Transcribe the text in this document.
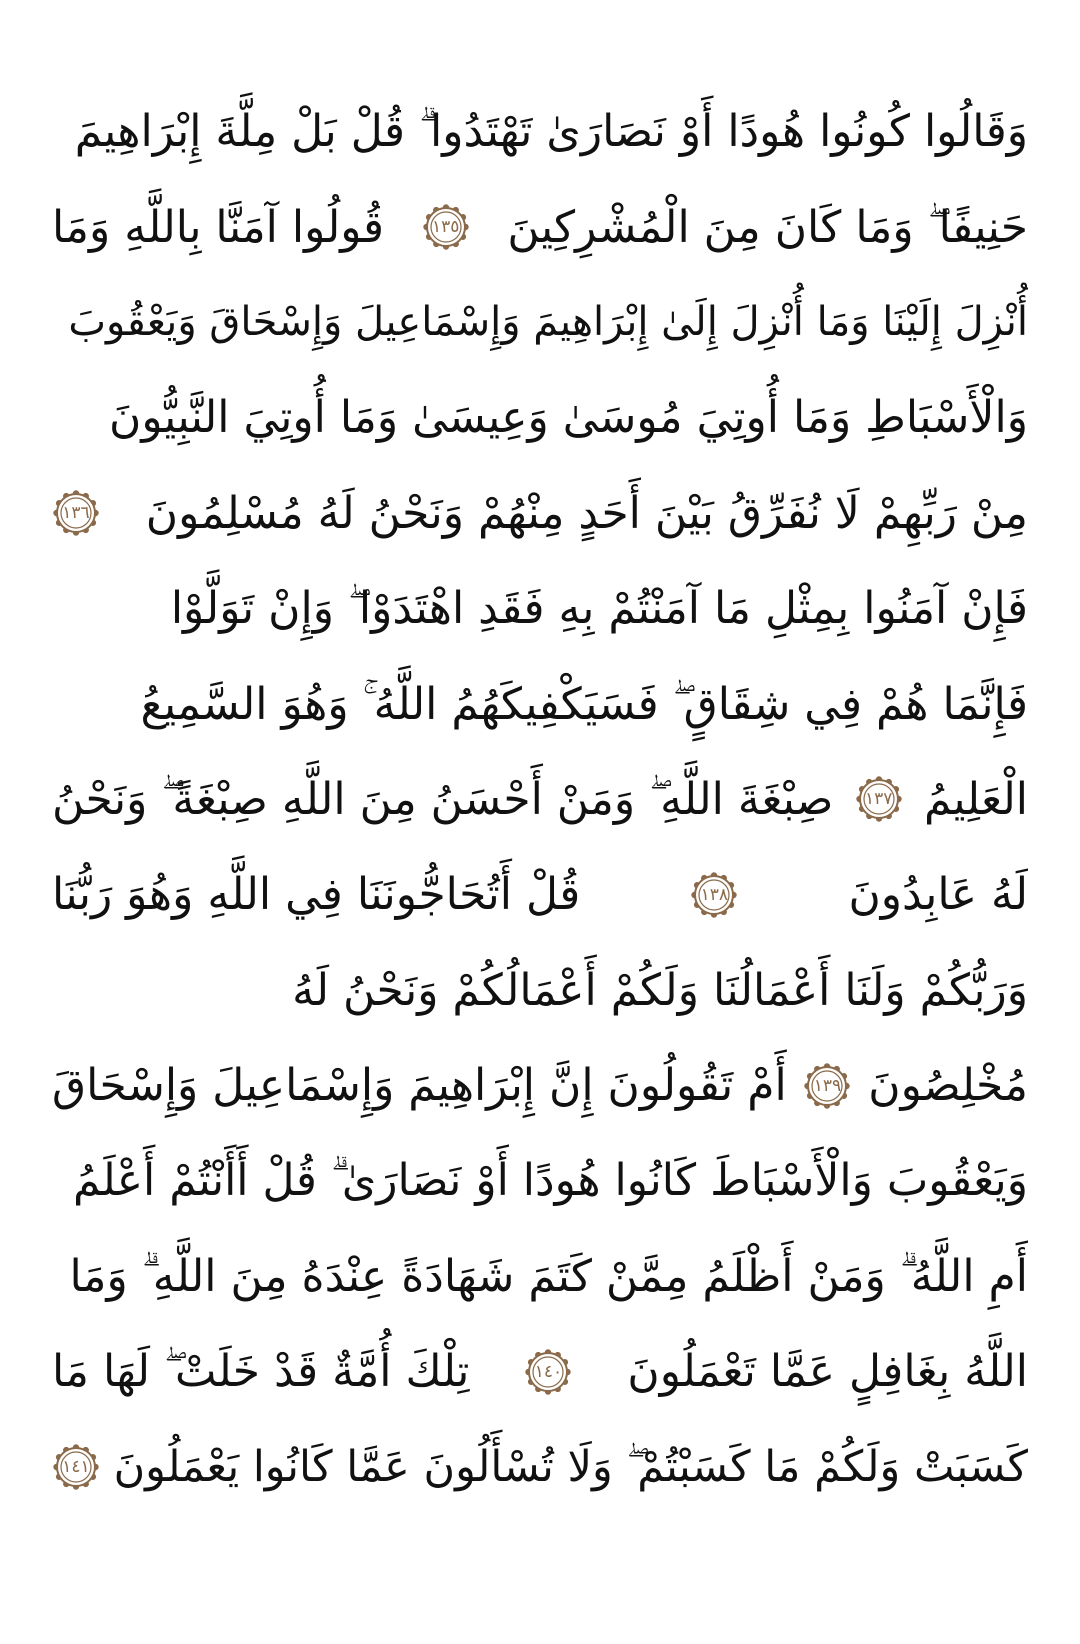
وَقَالُوا كُونُوا هُودًا أَوْ نَصَارَىٰ تَهْتَدُوا ۗ قُلْ بَلْ مِلَّةَ إِبْرَاهِيمَ
حَنِيفًا ۖ وَمَا كَانَ مِنَ الْمُشْرِكِينَ
١٣٥
قُولُوا آمَنَّا بِاللَّهِ وَمَا
أُنْزِلَ إِلَيْنَا وَمَا أُنْزِلَ إِلَىٰ إِبْرَاهِيمَ وَإِسْمَاعِيلَ وَإِسْحَاقَ وَيَعْقُوبَ
وَالْأَسْبَاطِ وَمَا أُوتِيَ مُوسَىٰ وَعِيسَىٰ وَمَا أُوتِيَ النَّبِيُّونَ
مِنْ رَبِّهِمْ لَا نُفَرِّقُ بَيْنَ أَحَدٍ مِنْهُمْ وَنَحْنُ لَهُ مُسْلِمُونَ
١٣٦
فَإِنْ آمَنُوا بِمِثْلِ مَا آمَنْتُمْ بِهِ فَقَدِ اهْتَدَوْا ۖ وَإِنْ تَوَلَّوْا
فَإِنَّمَا هُمْ فِي شِقَاقٍ ۖ فَسَيَكْفِيكَهُمُ اللَّهُ ۚ وَهُوَ السَّمِيعُ
الْعَلِيمُ
١٣٧
صِبْغَةَ اللَّهِ ۖ وَمَنْ أَحْسَنُ مِنَ اللَّهِ صِبْغَةً ۖ وَنَحْنُ
لَهُ عَابِدُونَ
١٣٨
قُلْ أَتُحَاجُّونَنَا فِي اللَّهِ وَهُوَ رَبُّنَا
وَرَبُّكُمْ وَلَنَا أَعْمَالُنَا وَلَكُمْ أَعْمَالُكُمْ وَنَحْنُ لَهُ
مُخْلِصُونَ
١٣٩
أَمْ تَقُولُونَ إِنَّ إِبْرَاهِيمَ وَإِسْمَاعِيلَ وَإِسْحَاقَ
وَيَعْقُوبَ وَالْأَسْبَاطَ كَانُوا هُودًا أَوْ نَصَارَىٰ ۗ قُلْ أَأَنْتُمْ أَعْلَمُ
أَمِ اللَّهُ ۗ وَمَنْ أَظْلَمُ مِمَّنْ كَتَمَ شَهَادَةً عِنْدَهُ مِنَ اللَّهِ ۗ وَمَا
اللَّهُ بِغَافِلٍ عَمَّا تَعْمَلُونَ
١٤٠
تِلْكَ أُمَّةٌ قَدْ خَلَتْ ۖ لَهَا مَا
كَسَبَتْ وَلَكُمْ مَا كَسَبْتُمْ ۖ وَلَا تُسْأَلُونَ عَمَّا كَانُوا يَعْمَلُونَ
١٤١
